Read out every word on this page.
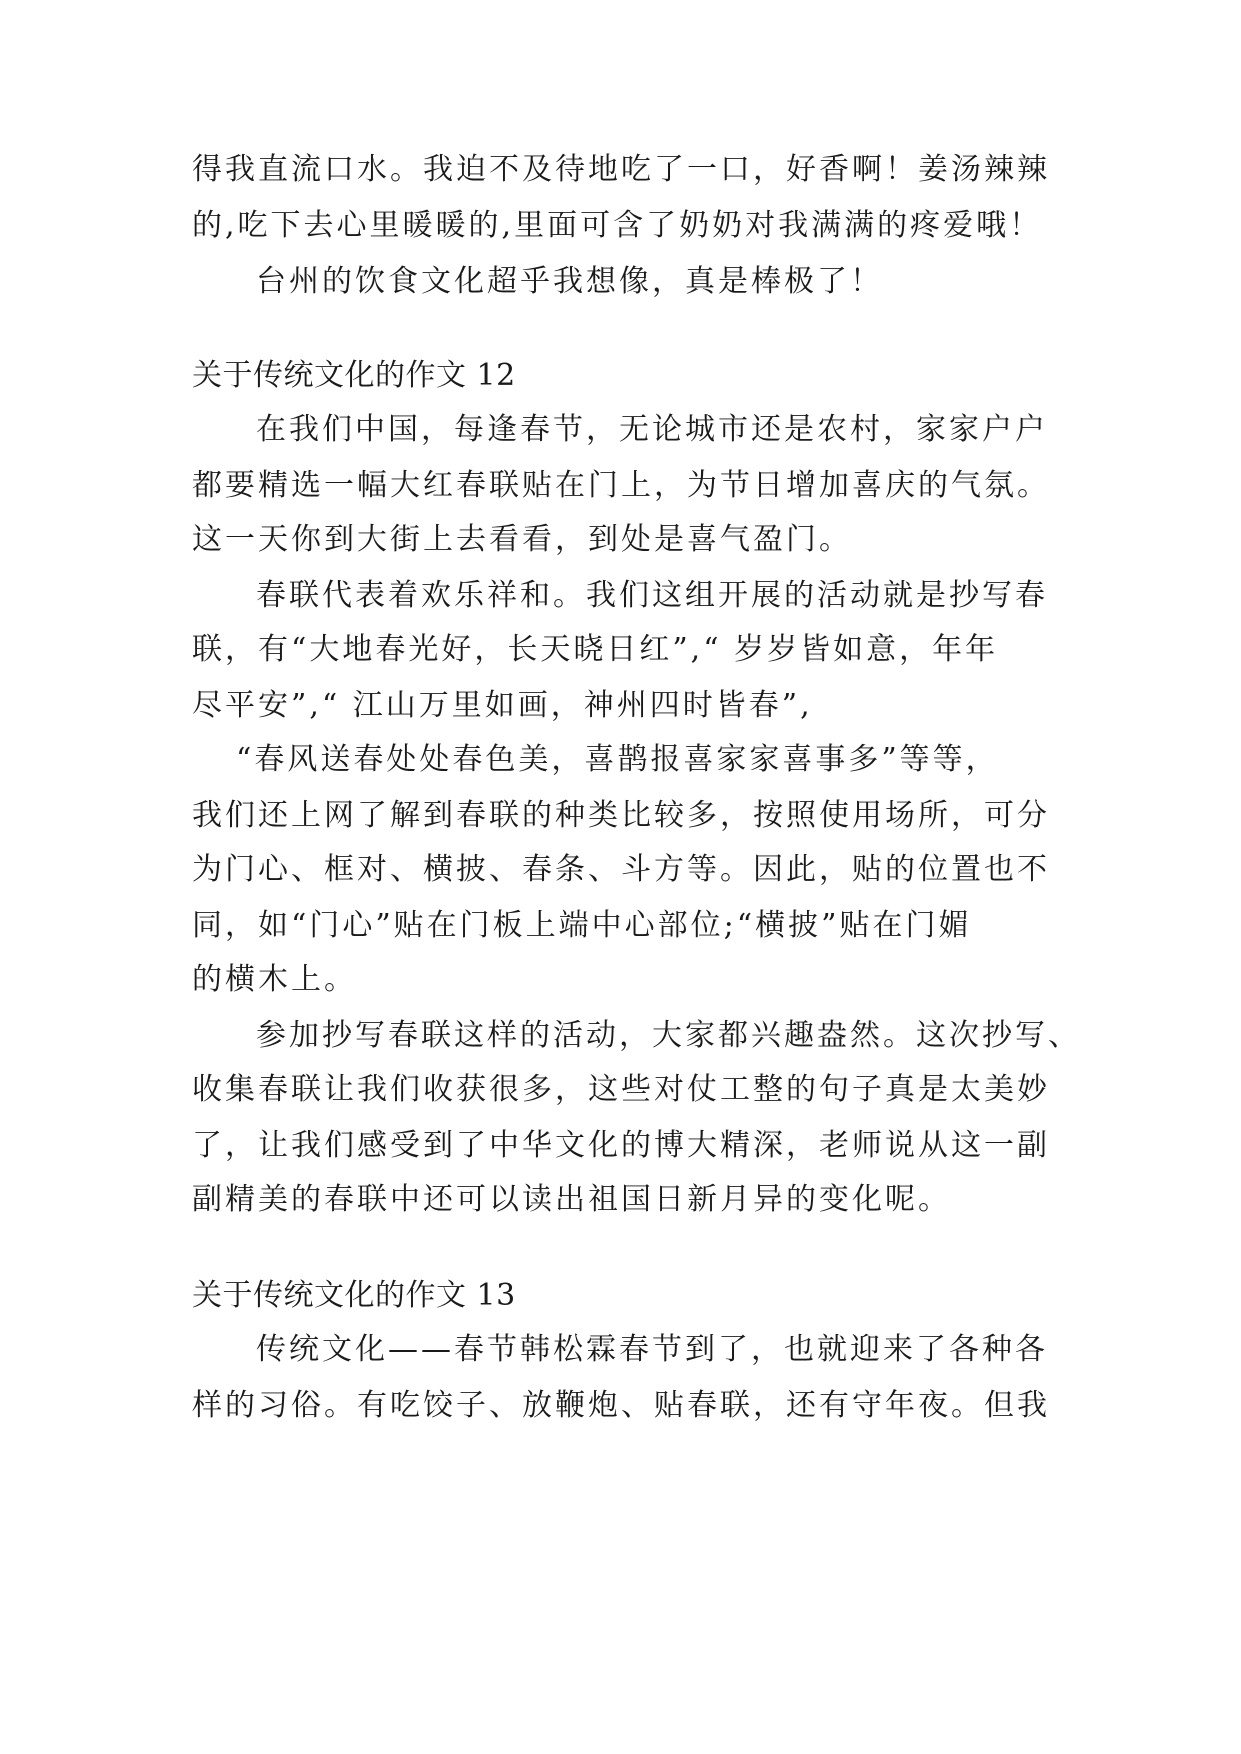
得我直流口水。我迫不及待地吃了一口，好香啊！姜汤辣辣
的,吃下去心里暖暖的,里面可含了奶奶对我满满的疼爱哦！
台州的饮食文化超乎我想像，真是棒极了！
关于传统文化的作文 12
在我们中国，每逢春节，无论城市还是农村，家家户户
都要精选一幅大红春联贴在门上，为节日增加喜庆的气氛。
这一天你到大街上去看看，到处是喜气盈门。
春联代表着欢乐祥和。我们这组开展的活动就是抄写春
联，有“大地春光好，长天晓日红”,“ 岁岁皆如意，年年
尽平安”,“ 江山万里如画，神州四时皆春”,
“春风送春处处春色美，喜鹊报喜家家喜事多”等等，
我们还上网了解到春联的种类比较多，按照使用场所，可分
为门心、框对、横披、春条、斗方等。因此，贴的位置也不
同，如“门心”贴在门板上端中心部位;“横披”贴在门媚
的横木上。
参加抄写春联这样的活动，大家都兴趣盎然。这次抄写、
收集春联让我们收获很多，这些对仗工整的句子真是太美妙
了，让我们感受到了中华文化的博大精深，老师说从这一副
副精美的春联中还可以读出祖国日新月异的变化呢。
关于传统文化的作文 13
传统文化——春节韩松霖春节到了，也就迎来了各种各
样的习俗。有吃饺子、放鞭炮、贴春联，还有守年夜。但我
